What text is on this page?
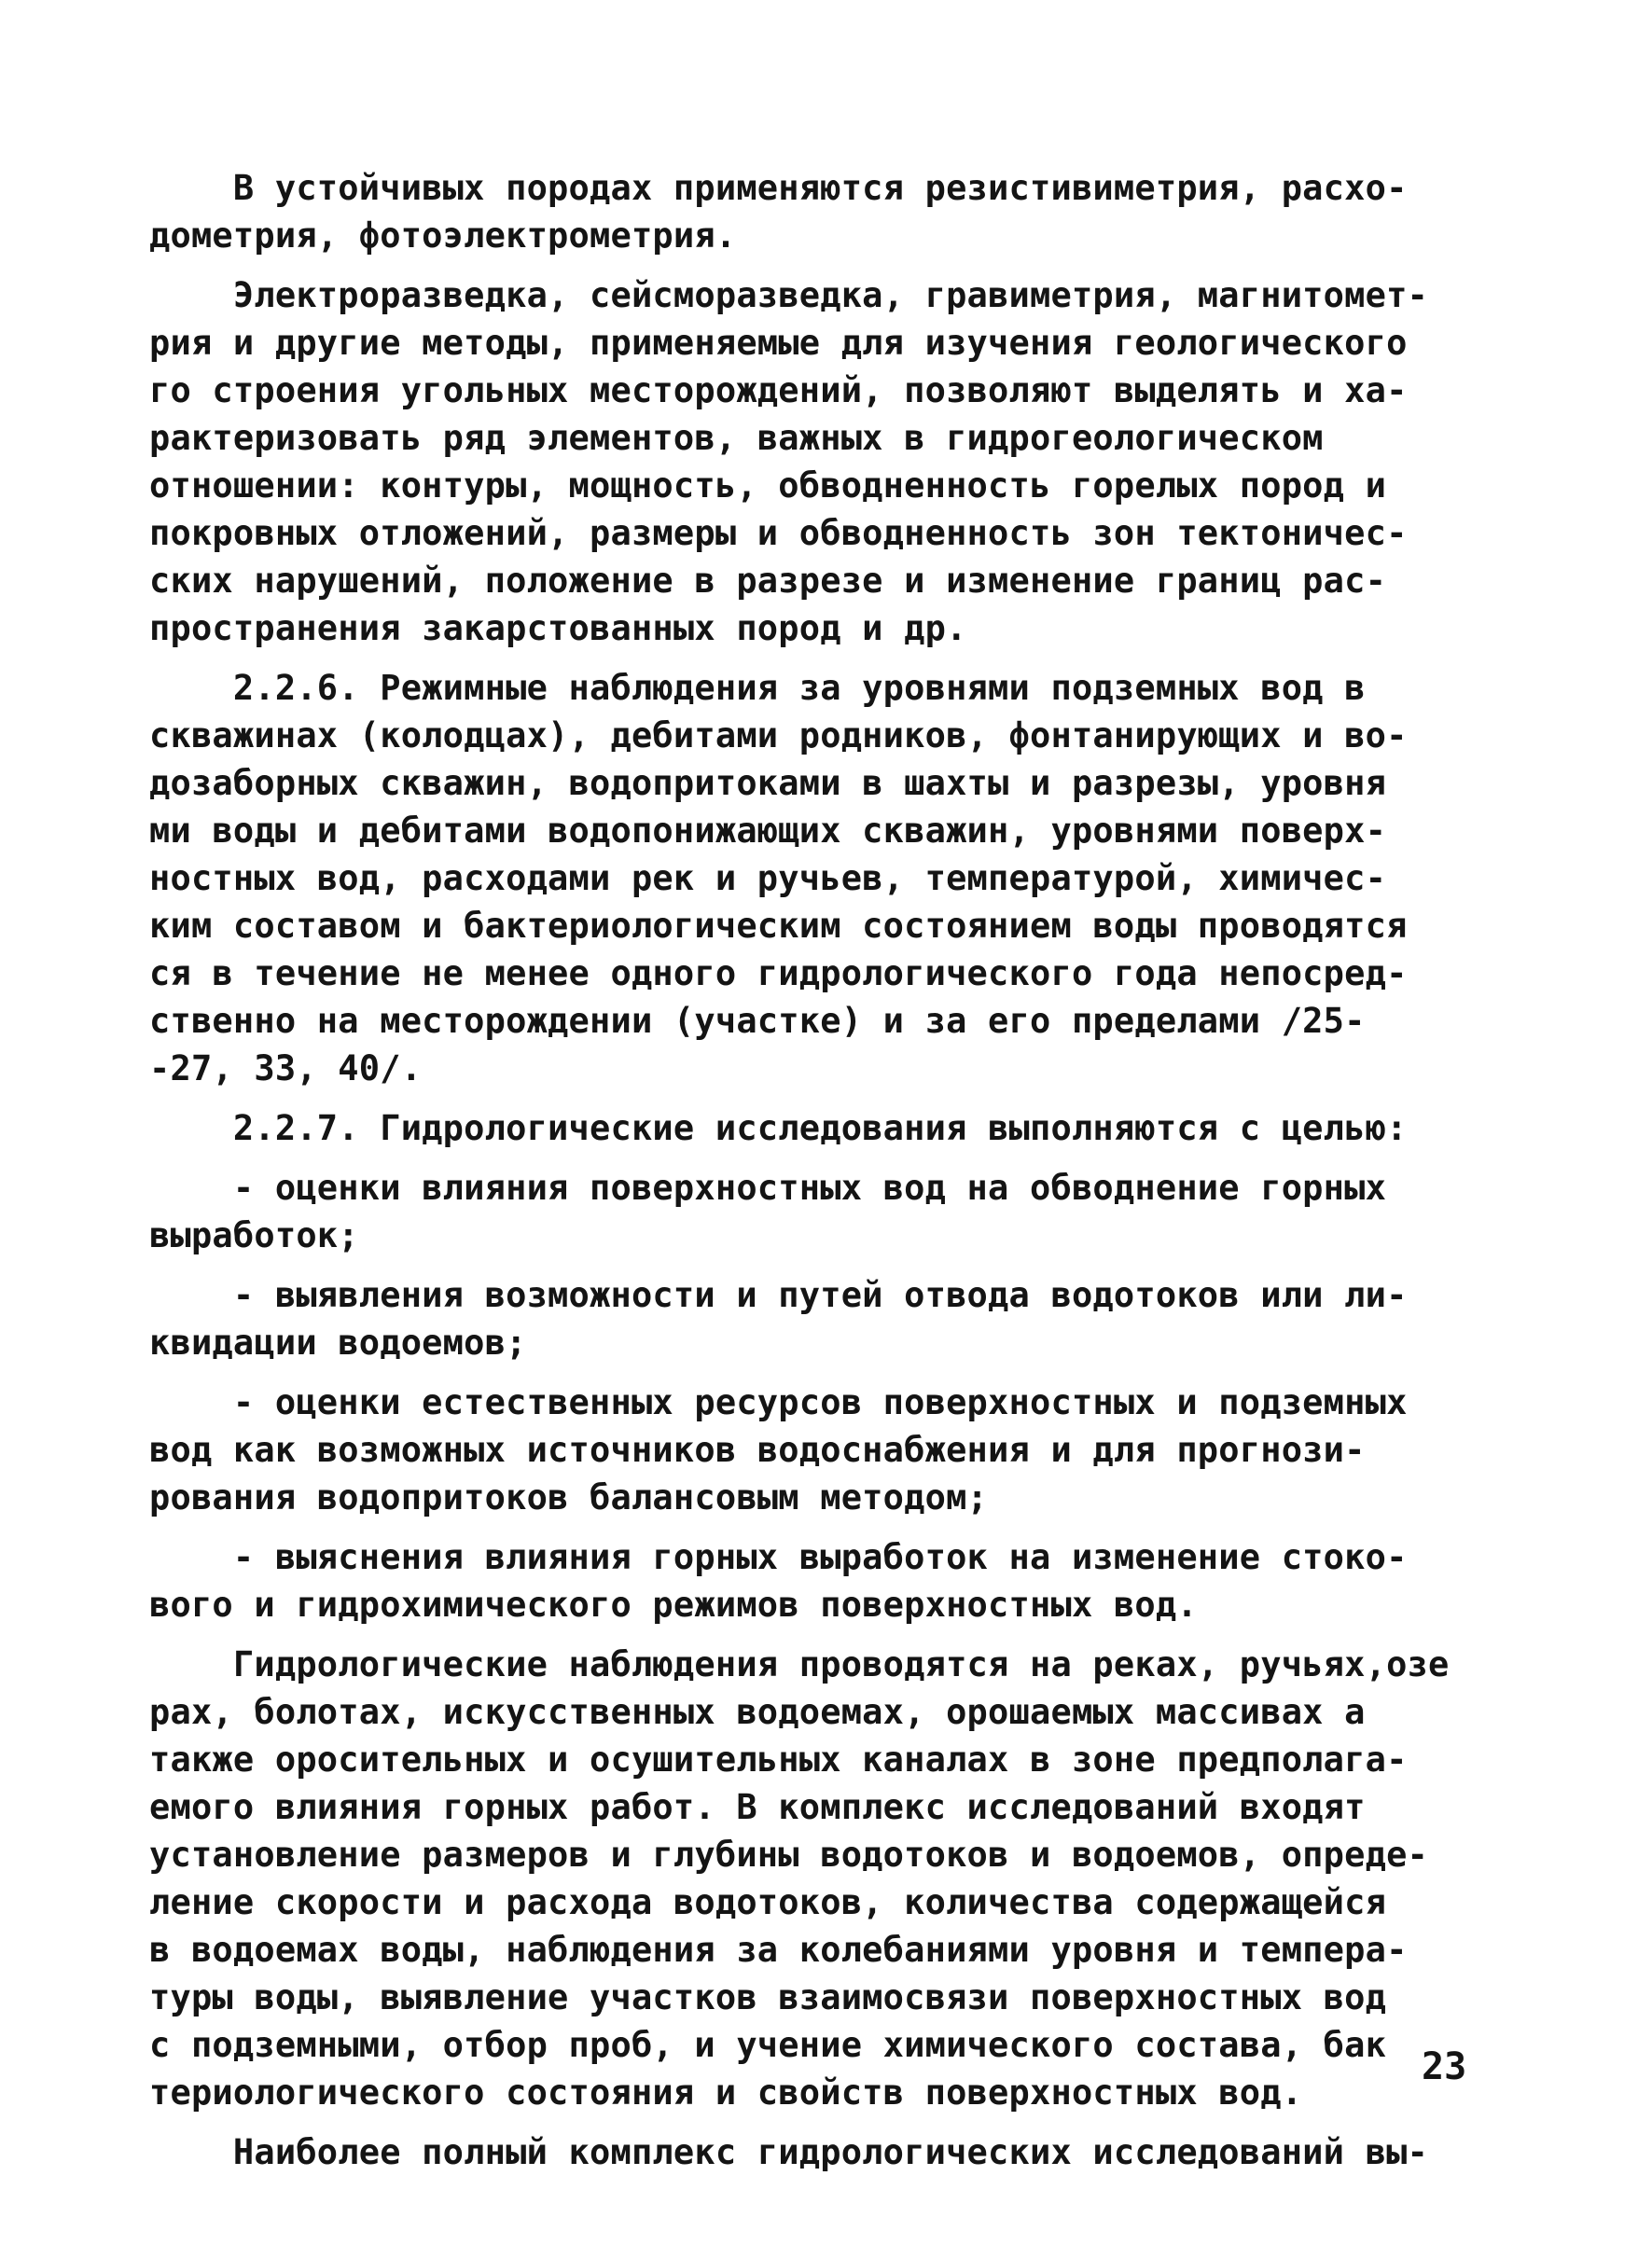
В устойчивых породах применяются резистивиметрия, расхо-
дометрия, фотоэлектрометрия.
Электроразведка, сейсморазведка, гравиметрия, магнитомет-
рия и другие методы, применяемые для изучения геологического
го строения угольных месторождений, позволяют выделять и ха-
рактеризовать ряд элементов, важных в гидрогеологическом
отношении: контуры, мощность, обводненность горелых пород и
покровных отложений, размеры и обводненность зон тектоничес-
ских нарушений, положение в разрезе и изменение границ рас-
пространения закарстованных пород и др.
2.2.6. Режимные наблюдения за уровнями подземных вод в
скважинах (колодцах), дебитами родников, фонтанирующих и во-
дозаборных скважин, водопритоками в шахты и разрезы, уровня
ми воды и дебитами водопонижающих скважин, уровнями поверх-
ностных вод, расходами рек и ручьев, температурой, химичес-
ким составом и бактериологическим состоянием воды проводятся
ся в течение не менее одного гидрологического года непосред-
ственно на месторождении (участке) и за его пределами /25-
-27, 33, 40/.
2.2.7. Гидрологические исследования выполняются с целью:
- оценки влияния поверхностных вод на обводнение горных
выработок;
- выявления возможности и путей отвода водотоков или ли-
квидации водоемов;
- оценки естественных ресурсов поверхностных и подземных
вод как возможных источников водоснабжения и для прогнози-
рования водопритоков балансовым методом;
- выяснения влияния горных выработок на изменение стоко-
вого и гидрохимического режимов поверхностных вод.
Гидрологические наблюдения проводятся на реках, ручьях,озе
рах, болотах, искусственных водоемах, орошаемых массивах а
также оросительных и осушительных каналах в зоне предполага-
емого влияния горных работ. В комплекс исследований входят
установление размеров и глубины водотоков и водоемов, опреде-
ление скорости и расхода водотоков, количества содержащейся
в водоемах воды, наблюдения за колебаниями уровня и темпера-
туры воды, выявление участков взаимосвязи поверхностных вод
с подземными, отбор проб, и учение химического состава, бак
териологического состояния и свойств поверхностных вод.
Наиболее полный комплекс гидрологических исследований вы-
23
